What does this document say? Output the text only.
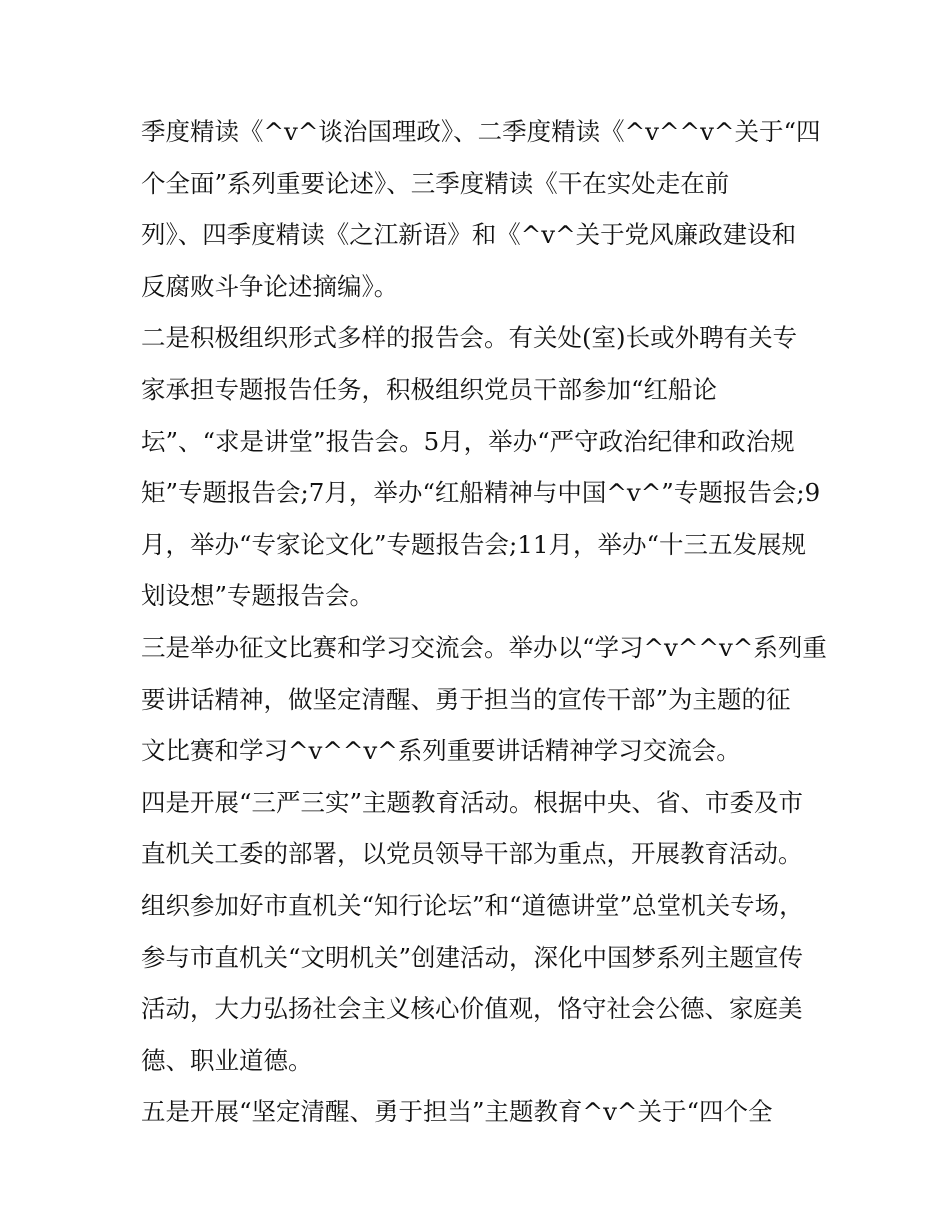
季度精读《^v^谈治国理政》、二季度精读《^v^^v^关于“四
个全面”系列重要论述》、三季度精读《干在实处走在前
列》、四季度精读《之江新语》和《^v^关于党风廉政建设和
反腐败斗争论述摘编》。
二是积极组织形式多样的报告会。有关处(室)长或外聘有关专
家承担专题报告任务，积极组织党员干部参加“红船论
坛”、“求是讲堂”报告会。5月，举办“严守政治纪律和政治规
矩”专题报告会;7月，举办“红船精神与中国^v^”专题报告会;9
月，举办“专家论文化”专题报告会;11月，举办“十三五发展规
划设想”专题报告会。
三是举办征文比赛和学习交流会。举办以“学习^v^^v^系列重
要讲话精神，做坚定清醒、勇于担当的宣传干部”为主题的征
文比赛和学习^v^^v^系列重要讲话精神学习交流会。
四是开展“三严三实”主题教育活动。根据中央、省、市委及市
直机关工委的部署，以党员领导干部为重点，开展教育活动。
组织参加好市直机关“知行论坛”和“道德讲堂”总堂机关专场，
参与市直机关“文明机关”创建活动，深化中国梦系列主题宣传
活动，大力弘扬社会主义核心价值观，恪守社会公德、家庭美
德、职业道德。
五是开展“坚定清醒、勇于担当”主题教育^v^关于“四个全
